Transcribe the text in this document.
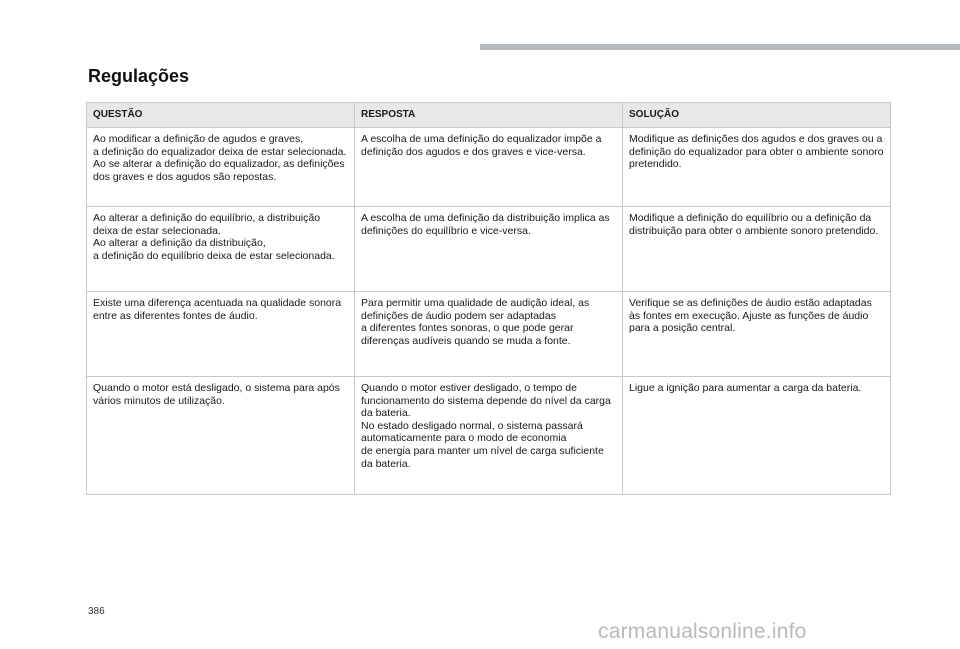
Regulações
QUESTÃO	RESPOSTA	SOLUÇÃO
Ao modificar a definição de agudos e graves,
a definição do equalizador deixa de estar selecionada.
Ao se alterar a definição do equalizador, as definições dos graves e dos agudos são repostas.	A escolha de uma definição do equalizador impõe a definição dos agudos e dos graves e vice-versa.	Modifique as definições dos agudos e dos graves ou a definição do equalizador para obter o ambiente sonoro pretendido.
Ao alterar a definição do equilíbrio, a distribuição deixa de estar selecionada.
Ao alterar a definição da distribuição,
a definição do equilíbrio deixa de estar selecionada.	A escolha de uma definição da distribuição implica as definições do equilíbrio e vice-versa.	Modifique a definição do equilíbrio ou a definição da distribuição para obter o ambiente sonoro pretendido.
Existe uma diferença acentuada na qualidade sonora entre as diferentes fontes de áudio.	Para permitir uma qualidade de audição ideal, as definições de áudio podem ser adaptadas
a diferentes fontes sonoras, o que pode gerar diferenças audíveis quando se muda a fonte.	Verifique se as definições de áudio estão adaptadas às fontes em execução. Ajuste as funções de áudio para a posição central.
Quando o motor está desligado, o sistema para após vários minutos de utilização.	Quando o motor estiver desligado, o tempo de funcionamento do sistema depende do nível da carga da bateria.
No estado desligado normal, o sistema passará automaticamente para o modo de economia
de energia para manter um nível de carga suficiente da bateria.	Ligue a ignição para aumentar a carga da bateria.
386
carmanualsonline.info
